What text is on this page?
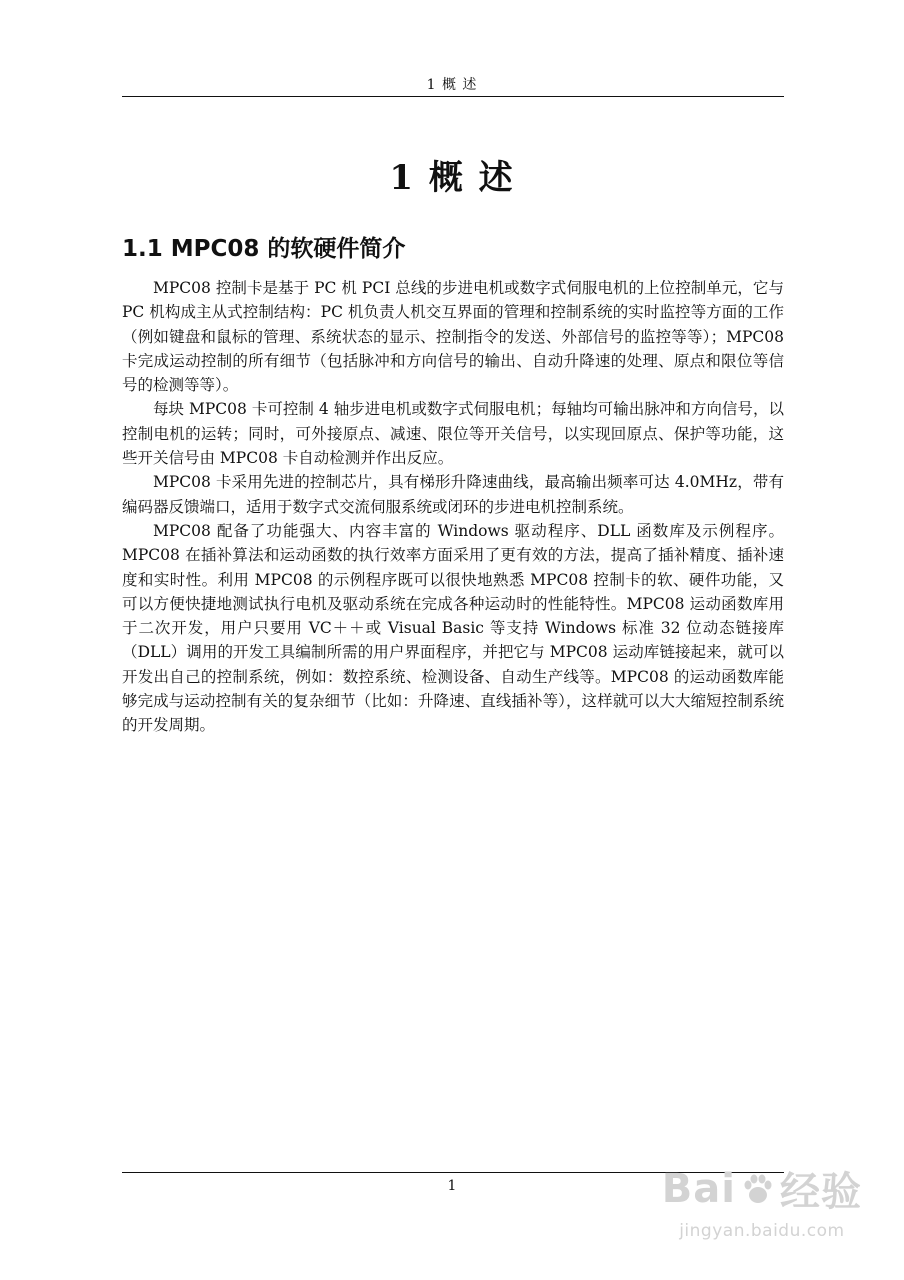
1 概 述
1 概 述
1.1 MPC08 的软硬件简介

MPC08 控制卡是基于 PC 机 PCI 总线的步进电机或数字式伺服电机的上位控制单元，它与 PC 机构成主从式控制结构：PC 机负责人机交互界面的管理和控制系统的实时监控等方面的工作（例如键盘和鼠标的管理、系统状态的显示、控制指令的发送、外部信号的监控等等）；MPC08 卡完成运动控制的所有细节（包括脉冲和方向信号的输出、自动升降速的处理、原点和限位等信号的检测等等）。

每块 MPC08 卡可控制 4 轴步进电机或数字式伺服电机；每轴均可输出脉冲和方向信号，以控制电机的运转；同时，可外接原点、减速、限位等开关信号，以实现回原点、保护等功能，这些开关信号由 MPC08 卡自动检测并作出反应。

MPC08 卡采用先进的控制芯片，具有梯形升降速曲线，最高输出频率可达 4.0MHz，带有编码器反馈端口，适用于数字式交流伺服系统或闭环的步进电机控制系统。

MPC08 配备了功能强大、内容丰富的 Windows 驱动程序、DLL 函数库及示例程序。MPC08 在插补算法和运动函数的执行效率方面采用了更有效的方法，提高了插补精度、插补速度和实时性。利用 MPC08 的示例程序既可以很快地熟悉 MPC08 控制卡的软、硬件功能，又可以方便快捷地测试执行电机及驱动系统在完成各种运动时的性能特性。MPC08 运动函数库用于二次开发，用户只要用 VC＋＋或 Visual Basic 等支持 Windows 标准 32 位动态链接库（DLL）调用的开发工具编制所需的用户界面程序，并把它与 MPC08 运动库链接起来，就可以开发出自己的控制系统，例如：数控系统、检测设备、自动生产线等。MPC08 的运动函数库能够完成与运动控制有关的复杂细节（比如：升降速、直线插补等），这样就可以大大缩短控制系统的开发周期。

1	Bai 经验
jingyan.baidu.com
